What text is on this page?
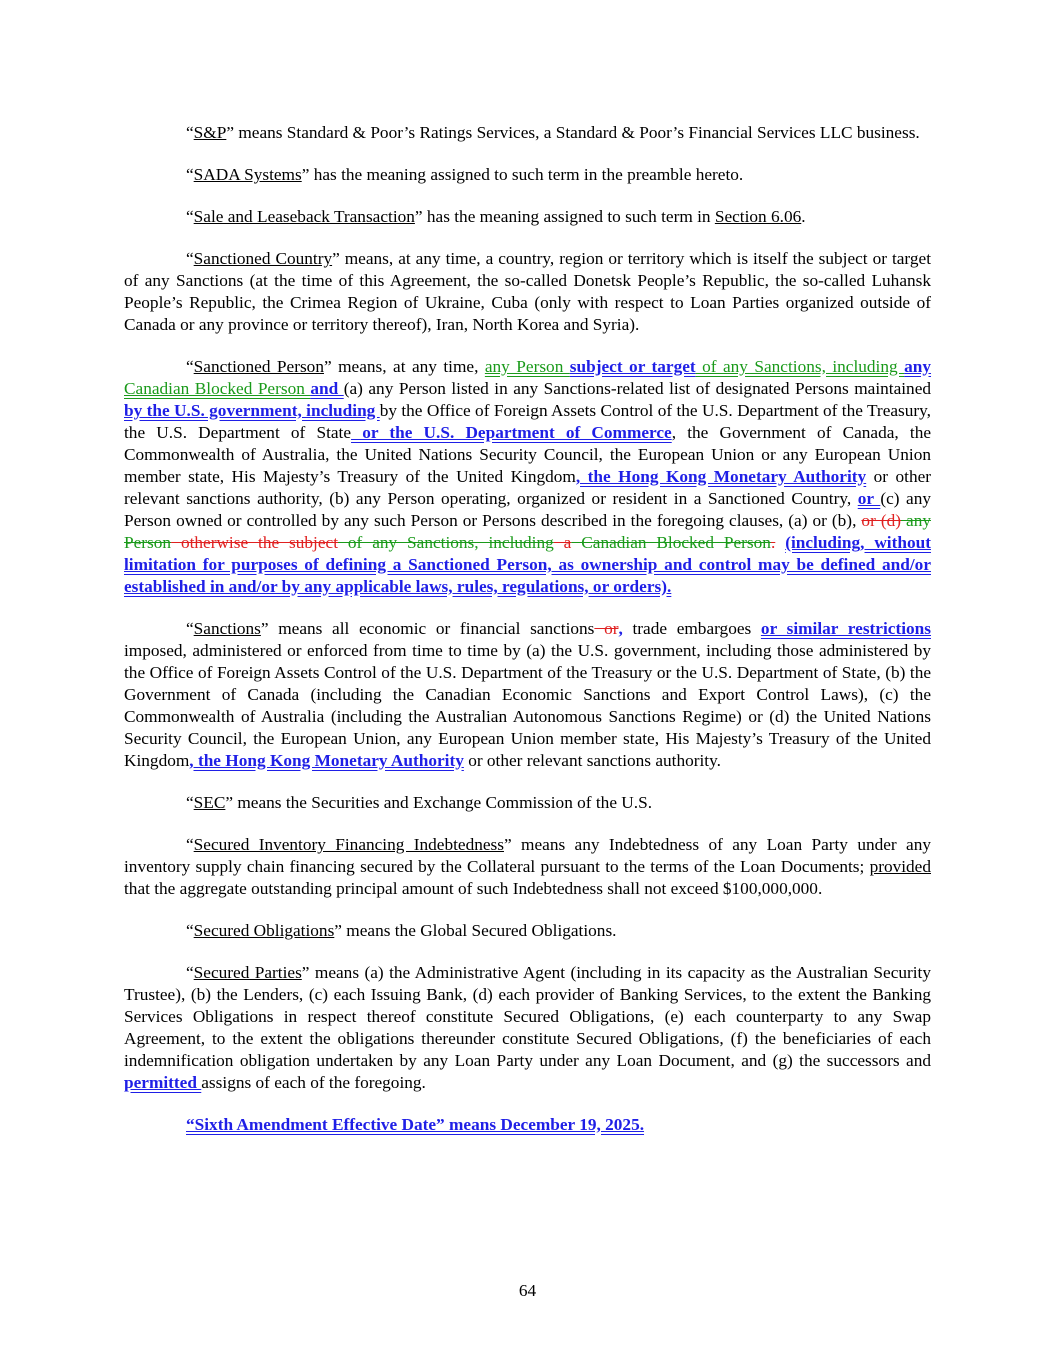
“S&P” means Standard & Poor’s Ratings Services, a Standard & Poor’s Financial Services LLC business.

“SADA Systems” has the meaning assigned to such term in the preamble hereto.

“Sale and Leaseback Transaction” has the meaning assigned to such term in Section 6.06.

“Sanctioned Country” means, at any time, a country, region or territory which is itself the subject or target of any Sanctions (at the time of this Agreement, the so-called Donetsk People’s Republic, the so-called Luhansk People’s Republic, the Crimea Region of Ukraine, Cuba (only with respect to Loan Parties organized outside of Canada or any province or territory thereof), Iran, North Korea and Syria).

“Sanctioned Person” means, at any time, any Person subject or target of any Sanctions, including any Canadian Blocked Person and (a) any Person listed in any Sanctions-related list of designated Persons maintained by the U.S. government, including by the Office of Foreign Assets Control of the U.S. Department of the Treasury, the U.S. Department of State or the U.S. Department of Commerce, the Government of Canada, the Commonwealth of Australia, the United Nations Security Council, the European Union or any European Union member state, His Majesty’s Treasury of the United Kingdom, the Hong Kong Monetary Authority or other relevant sanctions authority, (b) any Person operating, organized or resident in a Sanctioned Country, or (c) any Person owned or controlled by any such Person or Persons described in the foregoing clauses, (a) or (b), or (d) any Person otherwise the subject of any Sanctions, including a Canadian Blocked Person. (including, without limitation for purposes of defining a Sanctioned Person, as ownership and control may be defined and/or established in and/or by any applicable laws, rules, regulations, or orders).

“Sanctions” means all economic or financial sanctions or, trade embargoes or similar restrictions imposed, administered or enforced from time to time by (a) the U.S. government, including those administered by the Office of Foreign Assets Control of the U.S. Department of the Treasury or the U.S. Department of State, (b) the Government of Canada (including the Canadian Economic Sanctions and Export Control Laws), (c) the Commonwealth of Australia (including the Australian Autonomous Sanctions Regime) or (d) the United Nations Security Council, the European Union, any European Union member state, His Majesty’s Treasury of the United Kingdom, the Hong Kong Monetary Authority or other relevant sanctions authority.

“SEC” means the Securities and Exchange Commission of the U.S.

“Secured Inventory Financing Indebtedness” means any Indebtedness of any Loan Party under any inventory supply chain financing secured by the Collateral pursuant to the terms of the Loan Documents; provided that the aggregate outstanding principal amount of such Indebtedness shall not exceed $100,000,000.

“Secured Obligations” means the Global Secured Obligations.

“Secured Parties” means (a) the Administrative Agent (including in its capacity as the Australian Security Trustee), (b) the Lenders, (c) each Issuing Bank, (d) each provider of Banking Services, to the extent the Banking Services Obligations in respect thereof constitute Secured Obligations, (e) each counterparty to any Swap Agreement, to the extent the obligations thereunder constitute Secured Obligations, (f) the beneficiaries of each indemnification obligation undertaken by any Loan Party under any Loan Document, and (g) the successors and permitted assigns of each of the foregoing.

“Sixth Amendment Effective Date” means December 19, 2025.

64
